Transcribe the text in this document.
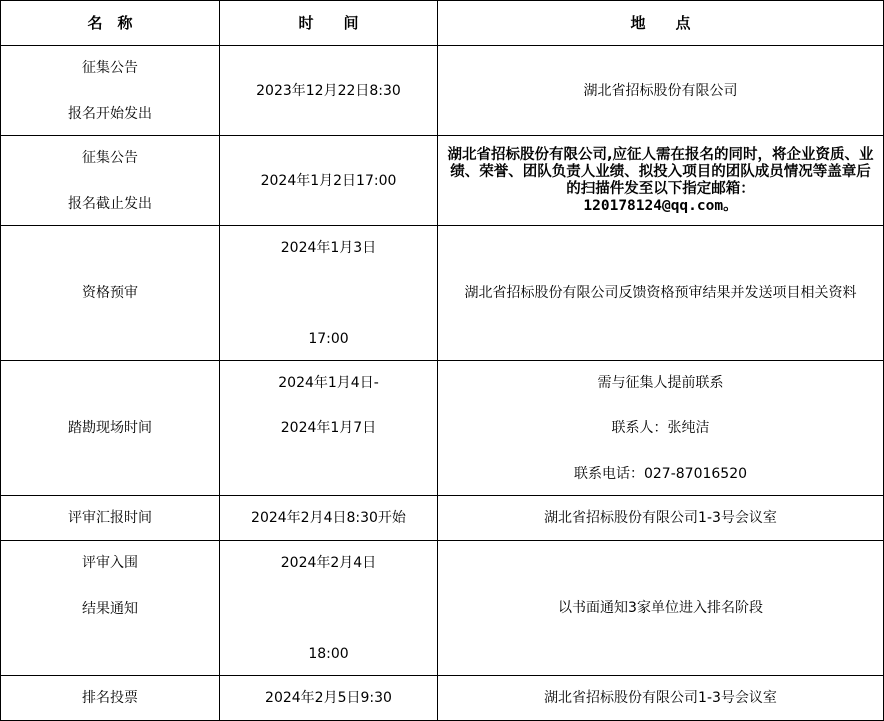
名　称	时　　间	地　　点

征集公告
报名开始发出	2023年12月22日8:30	湖北省招标股份有限公司

征集公告
报名截止发出	2024年1月2日17:00	湖北省招标股份有限公司,应征人需在报名的同时，将企业资质、业绩、荣誉、团队负责人业绩、拟投入项目的团队成员情况等盖章后的扫描件发至以下指定邮箱：
120178124@qq.com。

资格预审	2024年1月3日
17:00	湖北省招标股份有限公司反馈资格预审结果并发送项目相关资料

踏勘现场时间	2024年1月4日-
2024年1月7日	需与征集人提前联系
联系人：张纯洁
联系电话：027-87016520

评审汇报时间	2024年2月4日8:30开始	湖北省招标股份有限公司1-3号会议室

评审入围
结果通知	2024年2月4日
18:00	以书面通知3家单位进入排名阶段

排名投票	2024年2月5日9:30	湖北省招标股份有限公司1-3号会议室
